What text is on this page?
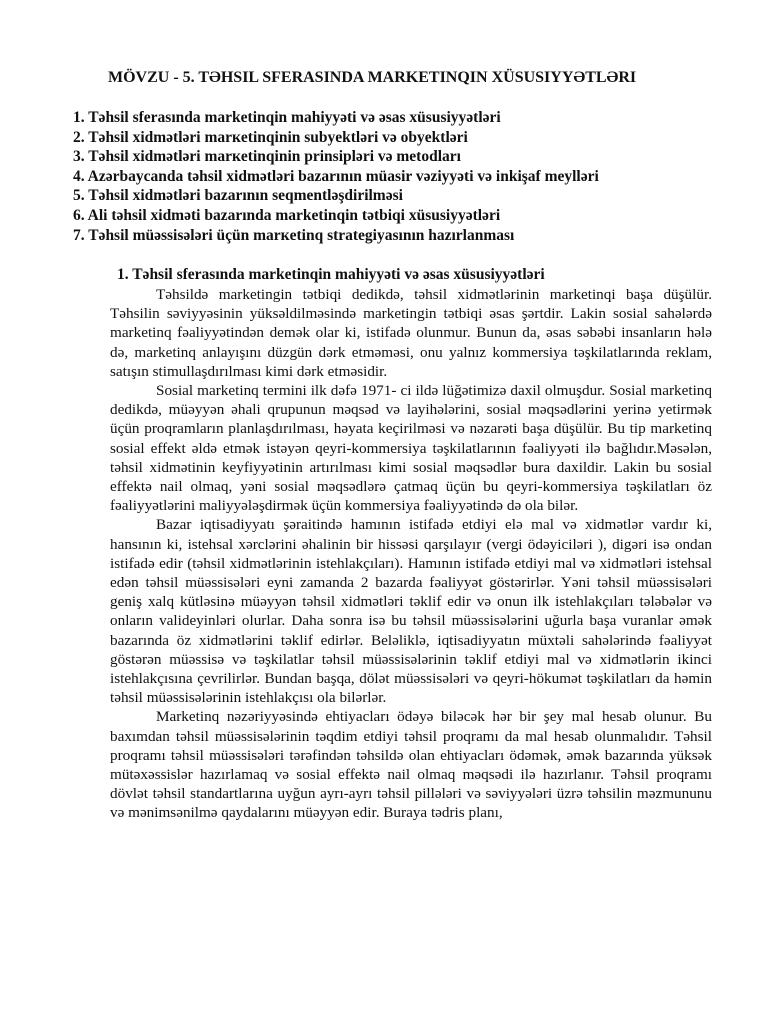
MÖVZU - 5. TƏHSIL SFERASINDA MARKETINQIN XÜSUSIYYƏTLƏRI
1. Təhsil sferasında marketinqin mahiyyəti və əsas xüsusiyyətləri
2. Təhsil xidmətləri marкetinqinin subyektləri və obyektləri
3. Təhsil xidmətləri marкetinqinin prinsipləri və metodları
4. Azərbaycanda təhsil xidmətləri bazarının müasir vəziyyəti və inkişaf meylləri
5. Təhsil xidmətləri bazarının seqmentləşdirilməsi
6. Ali təhsil xidməti bazarında marketinqin tətbiqi xüsusiyyətləri
7. Təhsil müəssisələri üçün marкetinq strategiyasının hazırlanması
1. Təhsil sferasında marketinqin mahiyyəti və əsas xüsusiyyətləri

Təhsildə marketingin tətbiqi dedikdə, təhsil xidmətlərinin marketinqi başa düşülür. Təhsilin səviyyəsinin yüksəldilməsində marketingin tətbiqi əsas şərtdir. Lakin sosial sahələrdə marketinq fəaliyyətindən demək olar ki, istifadə olunmur. Bunun da, əsas səbəbi insanların hələ də, marketinq anlayışını düzgün dərk etməməsi, onu yalnız kommersiya təşkilatlarında reklam, satışın stimullaşdırılması kimi dərk etməsidir.

Sosial marketinq termini ilk dəfə 1971- ci ildə lüğətimizə daxil olmuşdur. Sosial marketinq dedikdə, müəyyən əhali qrupunun məqsəd və layihələrini, sosial məqsədlərini yerinə yetirmək üçün proqramların planlaşdırılması, həyata keçirilməsi və nəzarəti başa düşülür. Bu tip marketinq sosial effekt əldə etmək istəyən qeyri-kommersiya təşkilatlarının fəaliyyəti ilə bağlıdır.Məsələn, təhsil xidmətinin keyfiyyətinin artırılması kimi sosial məqsədlər bura daxildir. Lakin bu sosial effektə nail olmaq, yəni sosial məqsədlərə çatmaq üçün bu qeyri-kommersiya təşkilatları öz fəaliyyətlərini maliyyələşdirmək üçün kommersiya fəaliyyətində də ola bilər.

Bazar iqtisadiyyatı şəraitində hamının istifadə etdiyi elə mal və xidmətlər vardır ki, hansının ki, istehsal xərclərini əhalinin bir hissəsi qarşılayır (vergi ödəyiciləri ), digəri isə ondan istifadə edir (təhsil xidmətlərinin istehlakçıları). Hamının istifadə etdiyi mal və xidmətləri istehsal edən təhsil müəssisələri eyni zamanda 2 bazarda fəaliyyət göstərirlər. Yəni təhsil müəssisələri geniş xalq kütləsinə müəyyən təhsil xidmətləri təklif edir və onun ilk istehlakçıları tələbələr və onların valideyinləri olurlar. Daha sonra isə bu təhsil müəssisələrini uğurla başa vuranlar əmək bazarında öz xidmətlərini təklif edirlər. Beləliklə, iqtisadiyyatın müxtəli sahələrində fəaliyyət göstərən müəssisə və təşkilatlar təhsil müəssisələrinin təklif etdiyi mal və xidmətlərin ikinci istehlakçısına çevrilirlər. Bundan başqa, dölət müəssisələri və qeyri-hökumət təşkilatları da həmin təhsil müəssisələrinin istehlakçısı ola bilərlər.

Marketinq nəzəriyyəsində ehtiyacları ödəyə biləcək hər bir şey mal hesab olunur. Bu baxımdan təhsil müəssisələrinin təqdim etdiyi təhsil proqramı da mal hesab olunmalıdır. Təhsil proqramı təhsil müəssisələri tərəfindən təhsildə olan ehtiyacları ödəmək, əmək bazarında yüksək mütəxəssislər hazırlamaq və sosial effektə nail olmaq məqsədi ilə hazırlanır. Təhsil proqramı dövlət təhsil standartlarına uyğun ayrı-ayrı təhsil pillələri və səviyyələri üzrə təhsilin məzmununu və mənimsənilmə qaydalarını müəyyən edir. Buraya tədris planı,
